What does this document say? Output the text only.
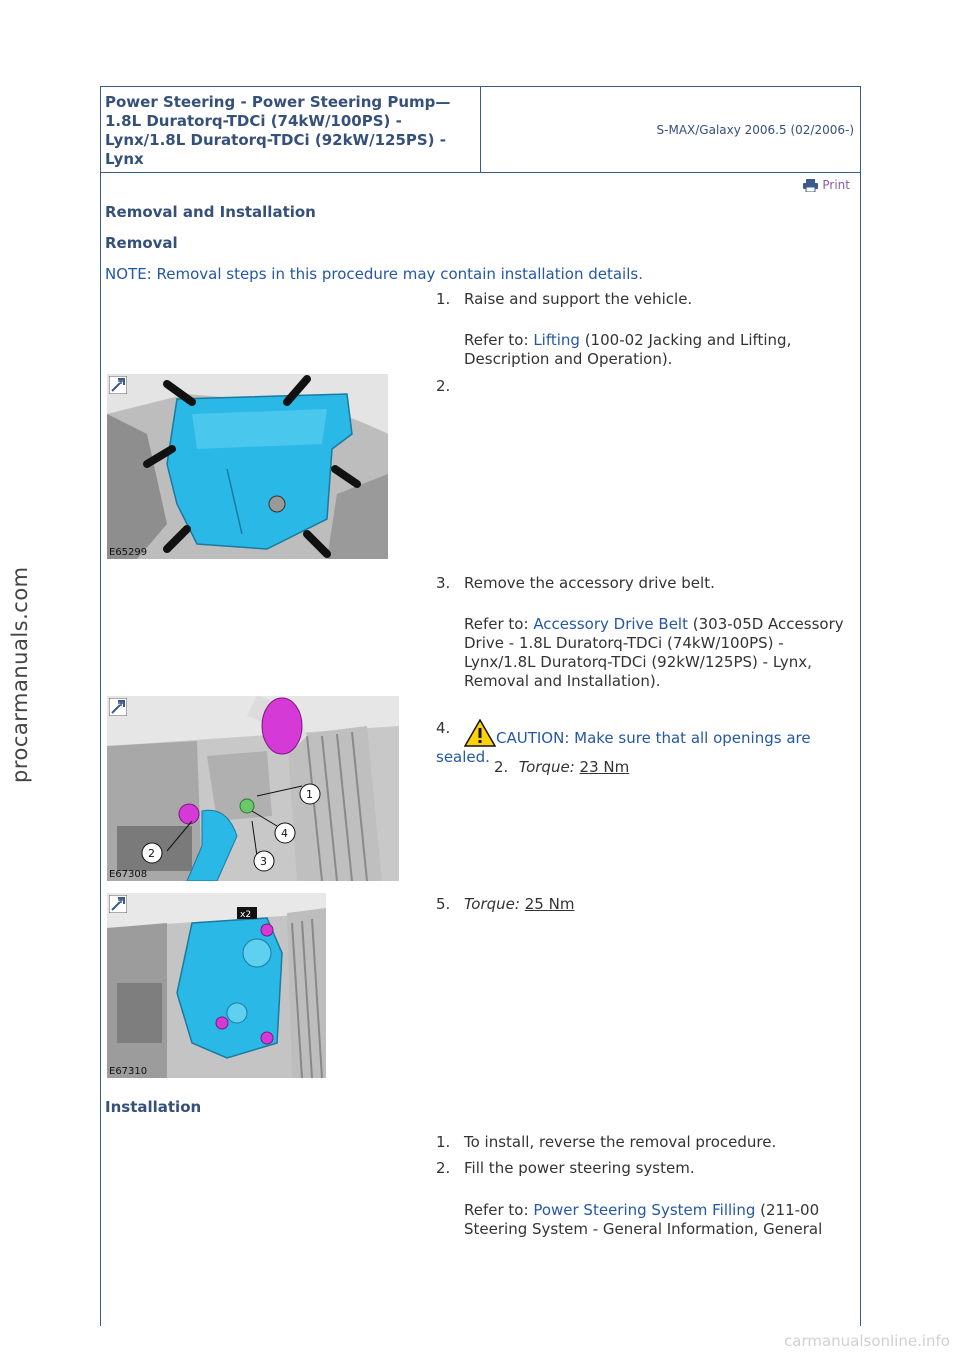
procarmanuals.com
carmanualsonline.info
Power Steering - Power Steering Pump—1.8L Duratorq-TDCi (74kW/100PS) - Lynx/1.8L Duratorq-TDCi (92kW/125PS) - Lynx
S-MAX/Galaxy 2006.5 (02/2006-)
Print
Removal and Installation
Removal
NOTE: Removal steps in this procedure may contain installation details.
1. Raise and support the vehicle.
Refer to: Lifting (100-02 Jacking and Lifting, Description and Operation).
E65299
2.
3. Remove the accessory drive belt.
Refer to: Accessory Drive Belt (303-05D Accessory Drive - 1.8L Duratorq-TDCi (74kW/100PS) - Lynx/1.8L Duratorq-TDCi (92kW/125PS) - Lynx, Removal and Installation).
1
2
3
4
E67308
4.CAUTION: Make sure that all openings are sealed.
2. Torque: 23 Nm
x2
E67310
5. Torque: 25 Nm
Installation
1. To install, reverse the removal procedure.
2. Fill the power steering system.
Refer to: Power Steering System Filling (211-00 Steering System - General Information, General
